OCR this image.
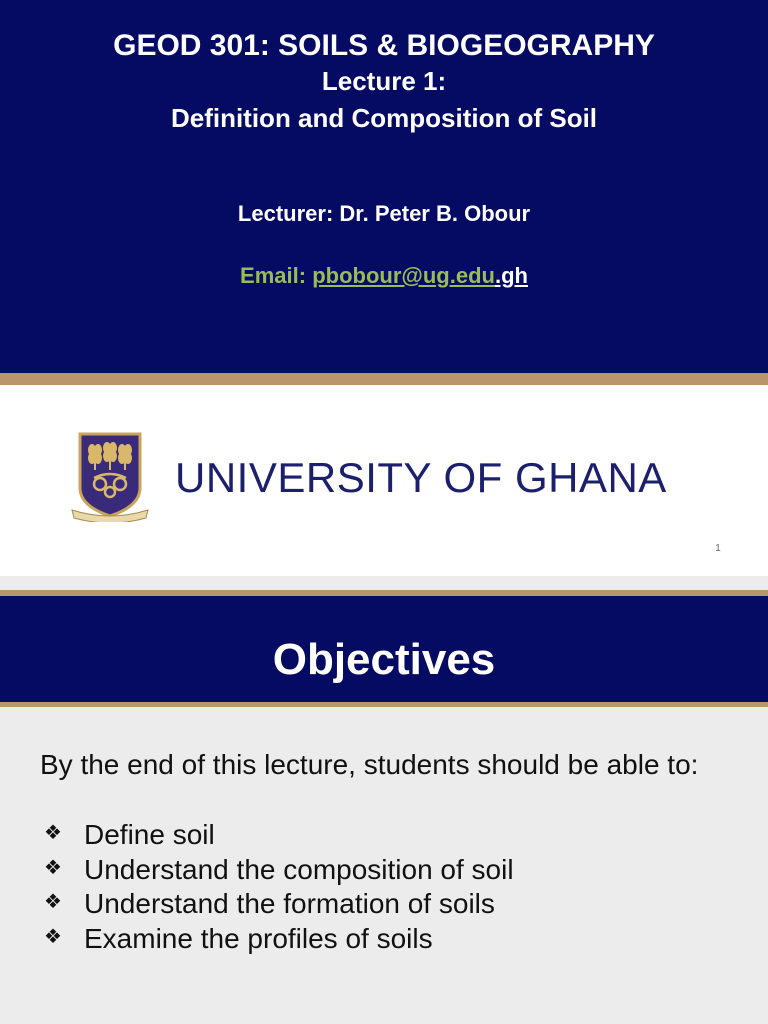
GEOD 301: SOILS & BIOGEOGRAPHY
Lecture 1:
Definition and Composition of Soil
Lecturer: Dr. Peter B. Obour
Email: pbobour@ug.edu.gh
UNIVERSITY OF GHANA
1
Objectives
By the end of this lecture, students should be able to:
❖ Define soil
❖ Understand the composition of soil
❖ Understand the formation of soils
❖ Examine the profiles of soils
